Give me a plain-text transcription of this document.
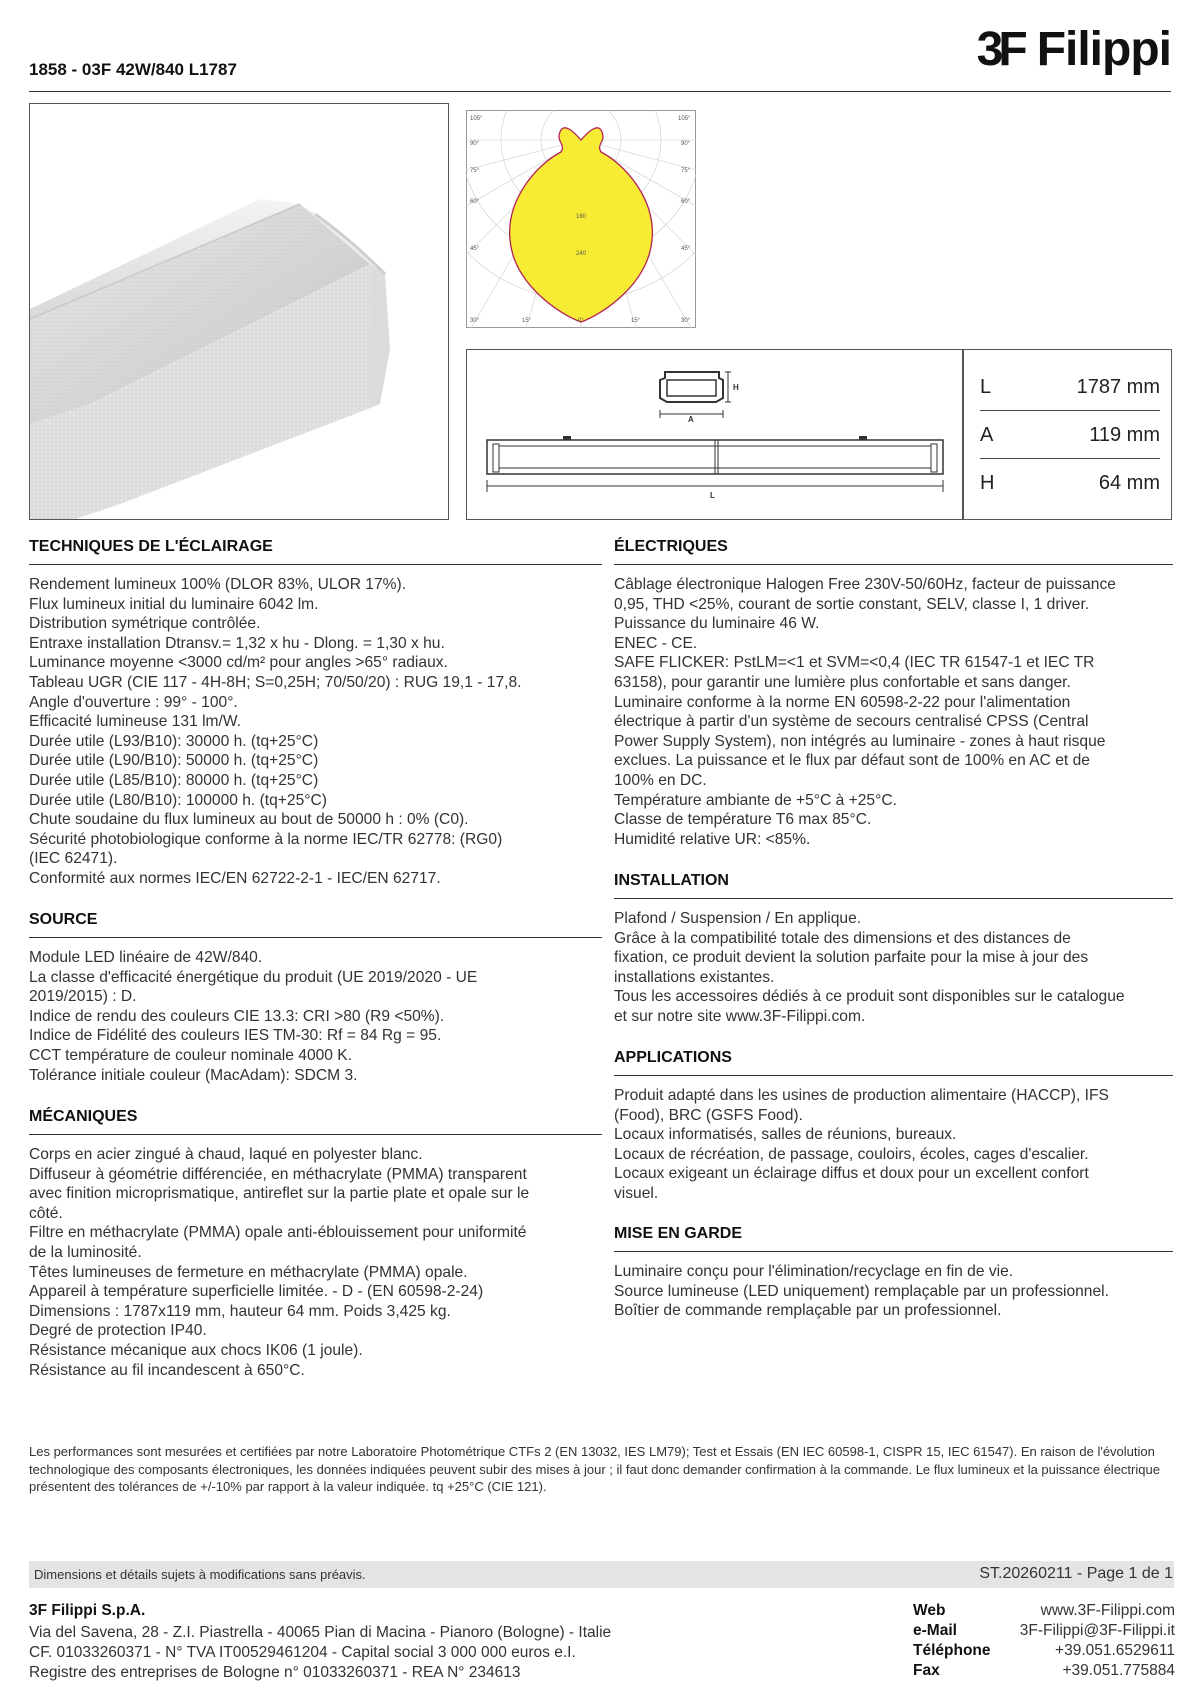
1858 - 03F 42W/840 L1787	3F Filippi
105°
90°
75°
60°
45°
105°
90°
75°
60°
45°
30°	15°	0°	15°	30°
160
240
H
A
L
L	1787 mm
A	119 mm
H	64 mm
TECHNIQUES DE L'ÉCLAIRAGE
Rendement lumineux 100% (DLOR 83%, ULOR 17%).
Flux lumineux initial du luminaire 6042 lm.
Distribution symétrique contrôlée.
Entraxe installation Dtransv.= 1,32 x hu - Dlong. = 1,30 x hu.
Luminance moyenne <3000 cd/m² pour angles >65° radiaux.
Tableau UGR (CIE 117 - 4H-8H; S=0,25H; 70/50/20) : RUG 19,1 - 17,8.
Angle d'ouverture : 99° - 100°.
Efficacité lumineuse 131 lm/W.
Durée utile (L93/B10): 30000 h. (tq+25°C)
Durée utile (L90/B10): 50000 h. (tq+25°C)
Durée utile (L85/B10): 80000 h. (tq+25°C)
Durée utile (L80/B10): 100000 h. (tq+25°C)
Chute soudaine du flux lumineux au bout de 50000 h : 0% (C0).
Sécurité photobiologique conforme à la norme IEC/TR 62778: (RG0)
(IEC 62471).
Conformité aux normes IEC/EN 62722-2-1 - IEC/EN 62717.
SOURCE
Module LED linéaire de 42W/840.
La classe d'efficacité énergétique du produit (UE 2019/2020 - UE
2019/2015) : D.
Indice de rendu des couleurs CIE 13.3: CRI >80 (R9 <50%).
Indice de Fidélité des couleurs IES TM-30: Rf = 84 Rg = 95.
CCT température de couleur nominale 4000 K.
Tolérance initiale couleur (MacAdam): SDCM 3.
MÉCANIQUES
Corps en acier zingué à chaud, laqué en polyester blanc.
Diffuseur à géométrie différenciée, en méthacrylate (PMMA) transparent
avec finition microprismatique, antireflet sur la partie plate et opale sur le
côté.
Filtre en méthacrylate (PMMA) opale anti-éblouissement pour uniformité
de la luminosité.
Têtes lumineuses de fermeture en méthacrylate (PMMA) opale.
Appareil à température superficielle limitée. - D - (EN 60598-2-24)
Dimensions : 1787x119 mm, hauteur 64 mm. Poids 3,425 kg.
Degré de protection IP40.
Résistance mécanique aux chocs IK06 (1 joule).
Résistance au fil incandescent à 650°C.
ÉLECTRIQUES
Câblage électronique Halogen Free 230V-50/60Hz, facteur de puissance
0,95, THD <25%, courant de sortie constant, SELV, classe I, 1 driver.
Puissance du luminaire 46 W.
ENEC - CE.
SAFE FLICKER: PstLM=<1 et SVM=<0,4 (IEC TR 61547-1 et IEC TR
63158), pour garantir une lumière plus confortable et sans danger.
Luminaire conforme à la norme EN 60598-2-22 pour l'alimentation
électrique à partir d'un système de secours centralisé CPSS (Central
Power Supply System), non intégrés au luminaire - zones à haut risque
exclues. La puissance et le flux par défaut sont de 100% en AC et de
100% en DC.
Température ambiante de +5°C à +25°C.
Classe de température T6 max 85°C.
Humidité relative UR: <85%.
INSTALLATION
Plafond / Suspension / En applique.
Grâce à la compatibilité totale des dimensions et des distances de
fixation, ce produit devient la solution parfaite pour la mise à jour des
installations existantes.
Tous les accessoires dédiés à ce produit sont disponibles sur le catalogue
et sur notre site www.3F-Filippi.com.
APPLICATIONS
Produit adapté dans les usines de production alimentaire (HACCP), IFS
(Food), BRC (GSFS Food).
Locaux informatisés, salles de réunions, bureaux.
Locaux de récréation, de passage, couloirs, écoles, cages d'escalier.
Locaux exigeant un éclairage diffus et doux pour un excellent confort
visuel.
MISE EN GARDE
Luminaire conçu pour l'élimination/recyclage en fin de vie.
Source lumineuse (LED uniquement) remplaçable par un professionnel.
Boîtier de commande remplaçable par un professionnel.
Les performances sont mesurées et certifiées par notre Laboratoire Photométrique CTFs 2 (EN 13032, IES LM79); Test et Essais (EN IEC 60598-1, CISPR 15, IEC 61547). En raison de l'évolution technologique des composants électroniques, les données indiquées peuvent subir des mises à jour ; il faut donc demander confirmation à la commande. Le flux lumineux et la puissance électrique présentent des tolérances de +/-10% par rapport à la valeur indiquée. tq +25°C (CIE 121).
Dimensions et détails sujets à modifications sans préavis.	ST.20260211 - Page 1 de 1
3F Filippi S.p.A.
Via del Savena, 28 - Z.I. Piastrella - 40065 Pian di Macina - Pianoro (Bologne) - Italie
CF. 01033260371 - N° TVA IT00529461204 - Capital social 3 000 000 euros e.I.
Registre des entreprises de Bologne n° 01033260371 - REA N° 234613
Web	www.3F-Filippi.com
e-Mail	3F-Filippi@3F-Filippi.it
Téléphone	+39.051.6529611
Fax	+39.051.775884
